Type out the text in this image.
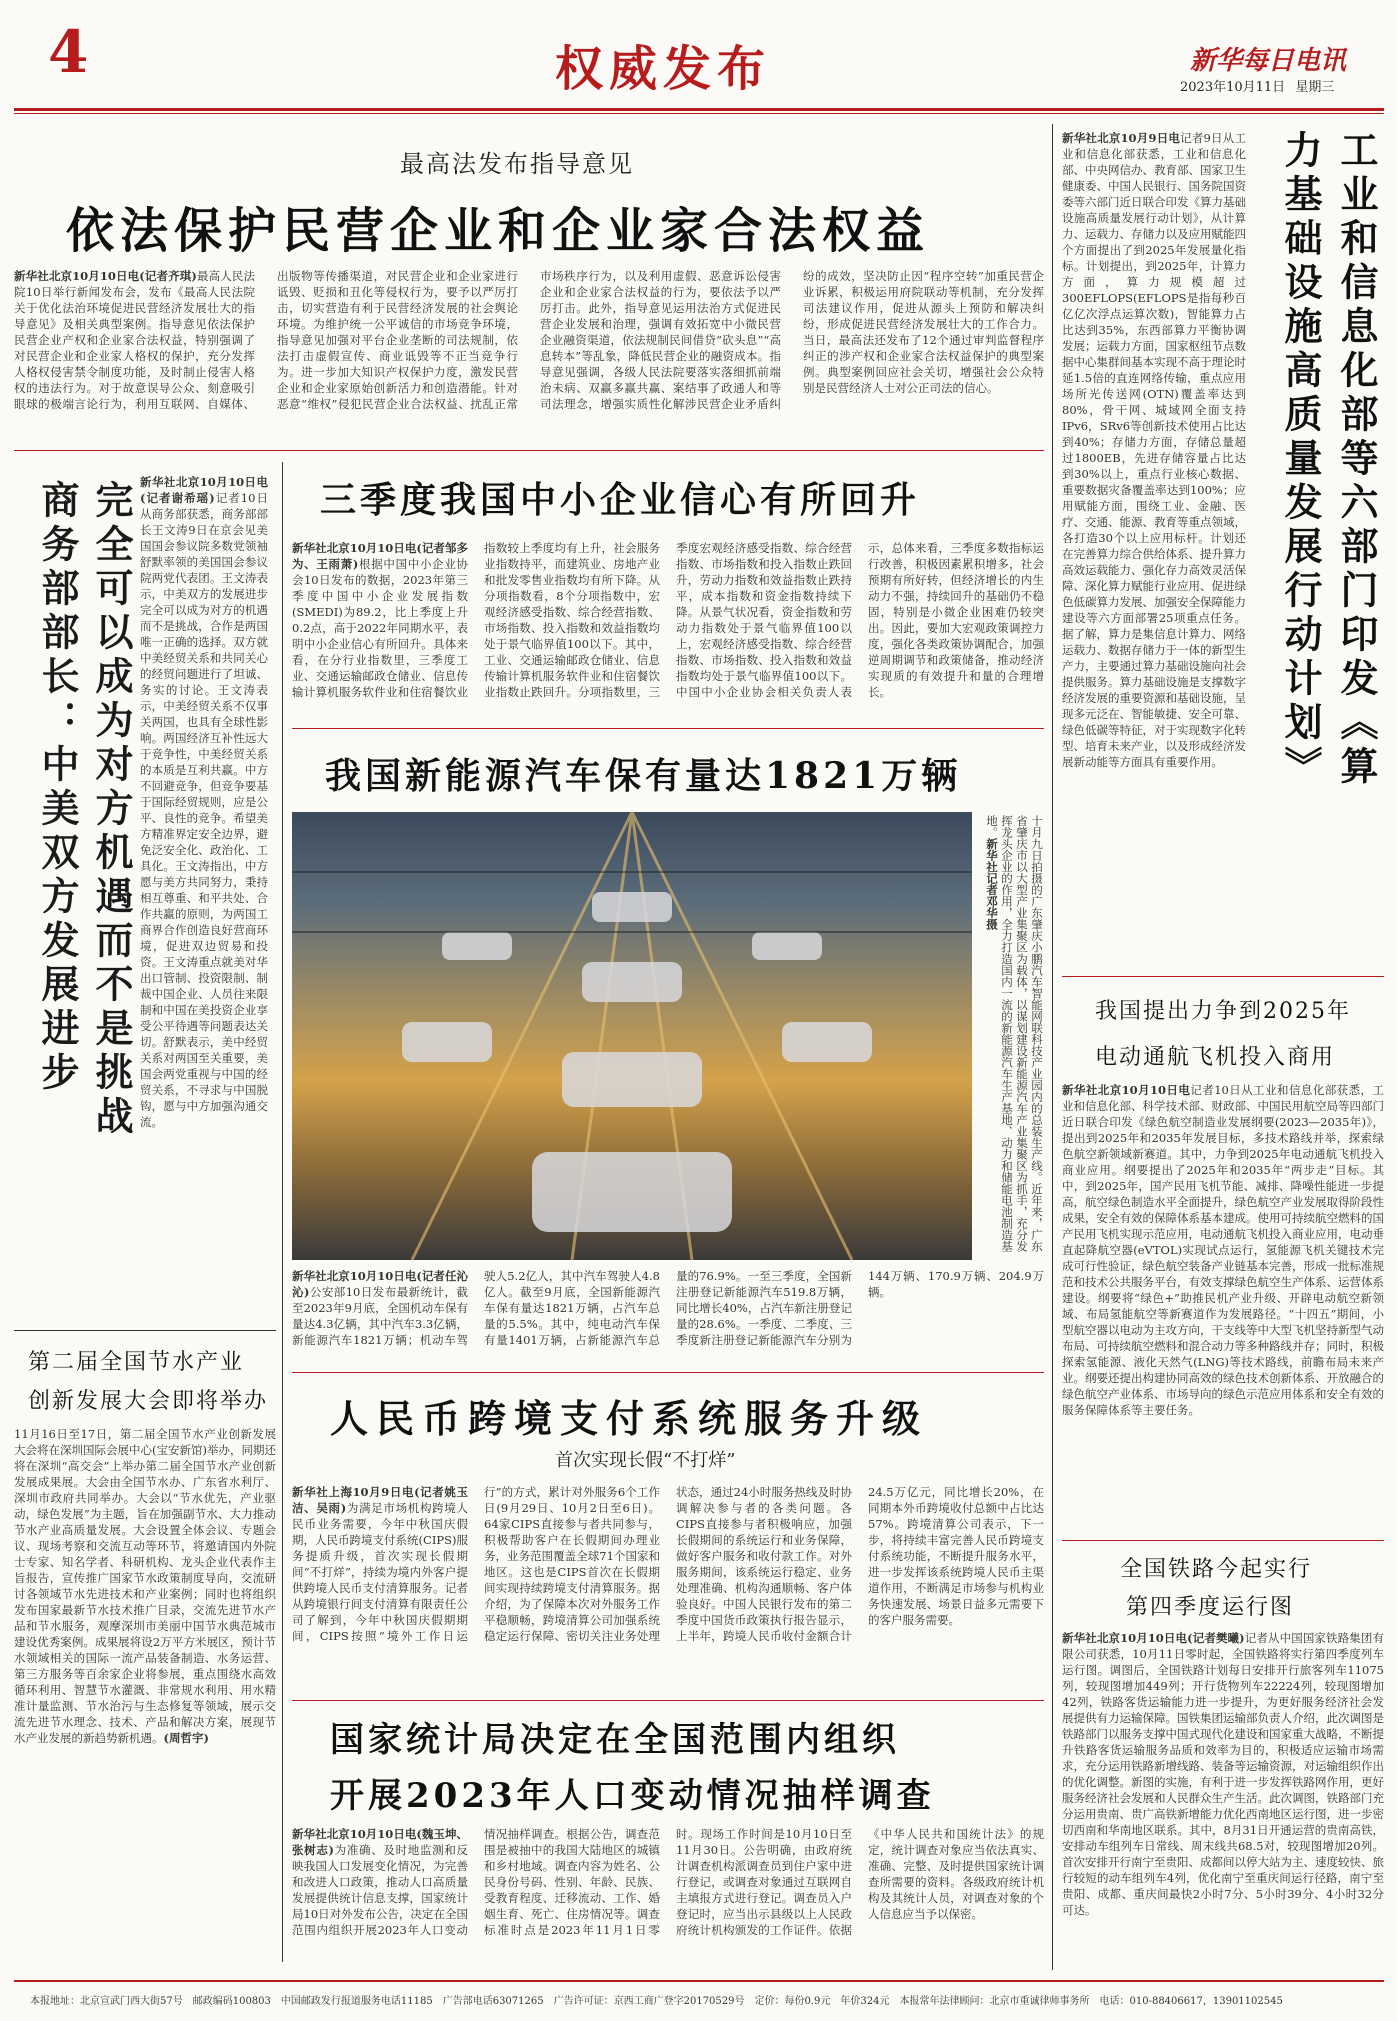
4	权威发布	新华每日电讯
2023年10月11日 星期三
最高法发布指导意见
依法保护民营企业和企业家合法权益
新华社北京10月10日电(记者齐琪)最高人民法院10日举行新闻发布会，发布《最高人民法院关于优化法治环境促进民营经济发展壮大的指导意见》及相关典型案例。指导意见依法保护民营企业产权和企业家合法权益，特别强调了对民营企业和企业家人格权的保护，充分发挥人格权侵害禁令制度功能，及时制止侵害人格权的违法行为。对于故意误导公众、刻意吸引眼球的极端言论行为，利用互联网、自媒体、出版物等传播渠道，对民营企业和企业家进行诋毁、贬损和丑化等侵权行为，要予以严厉打击，切实营造有利于民营经济发展的社会舆论环境。为维护统一公平诚信的市场竞争环境，指导意见加强对平台企业垄断的司法规制，依法打击虚假宣传、商业诋毁等不正当竞争行为。进一步加大知识产权保护力度，激发民营企业和企业家原始创新活力和创造潜能。针对恶意“维权”侵犯民营企业合法权益、扰乱正常市场秩序行为，以及利用虚假、恶意诉讼侵害企业和企业家合法权益的行为，要依法予以严厉打击。此外，指导意见运用法治方式促进民营企业发展和治理，强调有效拓宽中小微民营企业融资渠道，依法规制民间借贷“砍头息”“高息转本”等乱象，降低民营企业的融资成本。指导意见强调，各级人民法院要落实落细抓前端治未病、双赢多赢共赢、案结事了政通人和等司法理念，增强实质性化解涉民营企业矛盾纠纷的成效，坚决防止因“程序空转”加重民营企业诉累，积极运用府院联动等机制，充分发挥司法建议作用，促进从源头上预防和解决纠纷，形成促进民营经济发展壮大的工作合力。当日，最高法还发布了12个通过审判监督程序纠正的涉产权和企业家合法权益保护的典型案例。典型案例回应社会关切，增强社会公众特别是民营经济人士对公正司法的信心。
商务部部长：中美双方发展进步 完全可以成为对方机遇而不是挑战 新华社北京10月10日电(记者谢希瑶)记者10日从商务部获悉，商务部部长王文涛9日在京会见美国国会参议院多数党领袖舒默率领的美国国会参议院两党代表团。王文涛表示，中美双方的发展进步完全可以成为对方的机遇而不是挑战，合作是两国唯一正确的选择。双方就中美经贸关系和共同关心的经贸问题进行了坦诚、务实的讨论。王文涛表示，中美经贸关系不仅事关两国，也具有全球性影响。两国经济互补性远大于竞争性，中美经贸关系的本质是互利共赢。中方不回避竞争，但竞争要基于国际经贸规则，应是公平、良性的竞争。希望美方精准界定安全边界，避免泛安全化、政治化、工具化。王文涛指出，中方愿与美方共同努力，秉持相互尊重、和平共处、合作共赢的原则，为两国工商界合作创造良好营商环境，促进双边贸易和投资。王文涛重点就美对华出口管制、投资限制、制裁中国企业、人员往来限制和中国在美投资企业享受公平待遇等问题表达关切。舒默表示，美中经贸关系对两国至关重要，美国会两党重视与中国的经贸关系，不寻求与中国脱钩，愿与中方加强沟通交流。
第二届全国节水产业
创新发展大会即将举办
11月16日至17日，第二届全国节水产业创新发展大会将在深圳国际会展中心(宝安新馆)举办，同期还将在深圳“高交会”上举办第二届全国节水产业创新发展成果展。大会由全国节水办、广东省水利厅、深圳市政府共同举办。大会以“节水优先，产业驱动，绿色发展”为主题，旨在加强副节水、大力推动节水产业高质量发展。大会设置全体会议、专题会议、现场考察和交流互动等环节，将邀请国内外院士专家、知名学者、科研机构、龙头企业代表作主旨报告，宣传推广国家节水政策制度导向，交流研讨各领域节水先进技术和产业案例；同时也将组织发布国家最新节水技术推广目录，交流先进节水产品和节水服务，观摩深圳市美丽中国节水典范城市建设优秀案例。成果展将设2万平方米展区，预计节水领域相关的国际一流产品装备制造、水务运营、第三方服务等百余家企业将参展，重点围绕水高效循环利用、智慧节水灌溉、非常规水利用、用水精准计量监测、节水治污与生态修复等领域，展示交流先进节水理念、技术、产品和解决方案，展现节水产业发展的新趋势新机遇。(周哲宇)
三季度我国中小企业信心有所回升
新华社北京10月10日电(记者邹多为、王雨萧)根据中国中小企业协会10日发布的数据，2023年第三季度中国中小企业发展指数(SMEDI)为89.2，比上季度上升0.2点，高于2022年同期水平，表明中小企业信心有所回升。具体来看，在分行业指数里，三季度工业、交通运输邮政仓储业、信息传输计算机服务软件业和住宿餐饮业指数较上季度均有上升，社会服务业指数持平，而建筑业、房地产业和批发零售业指数均有所下降。从分项指数看，8个分项指数中，宏观经济感受指数、综合经营指数、市场指数、投入指数和效益指数均处于景气临界值100以下。其中，工业、交通运输邮政仓储业、信息传输计算机服务软件业和住宿餐饮业指数止跌回升。分项指数里，三季度宏观经济感受指数、综合经营指数、市场指数和投入指数止跌回升，劳动力指数和效益指数止跌持平，成本指数和资金指数持续下降。从景气状况看，资金指数和劳动力指数处于景气临界值100以上，宏观经济感受指数、综合经营指数、市场指数、投入指数和效益指数均处于景气临界值100以下。中国中小企业协会相关负责人表示，总体来看，三季度多数指标运行改善，积极因素累积增多，社会预期有所好转，但经济增长的内生动力不强，持续回升的基础仍不稳固，特别是小微企业困难仍较突出。因此，要加大宏观政策调控力度，强化各类政策协调配合，加强逆周期调节和政策储备，推动经济实现质的有效提升和量的合理增长。
我国新能源汽车保有量达1821万辆
十月九日拍摄的广东肇庆小鹏汽车智能网联科技产业园内的总装生产线。近年来，广东省肇庆市以大型产业集聚区为载体，以谋划建设新能源汽车产业集聚区为抓手，充分发挥龙头企业的作用，全力打造国内一流的新能源汽车生产基地、动力和储能电池制造基地。新华社记者邓华摄
新华社北京10月10日电(记者任沁沁)公安部10日发布最新统计，截至2023年9月底，全国机动车保有量达4.3亿辆，其中汽车3.3亿辆，新能源汽车1821万辆；机动车驾驶人5.2亿人，其中汽车驾驶人4.8亿人。截至9月底，全国新能源汽车保有量达1821万辆，占汽车总量的5.5%。其中，纯电动汽车保有量1401万辆，占新能源汽车总量的76.9%。一至三季度，全国新注册登记新能源汽车519.8万辆，同比增长40%，占汽车新注册登记量的28.6%。一季度、二季度、三季度新注册登记新能源汽车分别为144万辆、170.9万辆、204.9万辆。
人民币跨境支付系统服务升级
首次实现长假“不打烊”
新华社上海10月9日电(记者姚玉洁、吴雨)为满足市场机构跨境人民币业务需要，今年中秋国庆假期，人民币跨境支付系统(CIPS)服务提质升级，首次实现长假期间“不打烊”，持续为境内外客户提供跨境人民币支付清算服务。记者从跨境银行间支付清算有限责任公司了解到，今年中秋国庆假期期间，CIPS按照“境外工作日运行”的方式，累计对外服务6个工作日(9月29日、10月2日至6日)。64家CIPS直接参与者共同参与，积极帮助客户在长假期间办理业务，业务范围覆盖全球71个国家和地区。这也是CIPS首次在长假期间实现持续跨境支付清算服务。据介绍，为了保障本次对外服务工作平稳顺畅，跨境清算公司加强系统稳定运行保障、密切关注业务处理状态，通过24小时服务热线及时协调解决参与者的各类问题。各CIPS直接参与者积极响应，加强长假期间的系统运行和业务保障，做好客户服务和收付款工作。对外服务期间，该系统运行稳定、业务处理准确、机构沟通顺畅、客户体验良好。中国人民银行发布的第二季度中国货币政策执行报告显示，上半年，跨境人民币收付金额合计24.5万亿元，同比增长20%，在同期本外币跨境收付总额中占比达57%。跨境清算公司表示，下一步，将持续丰富完善人民币跨境支付系统功能，不断提升服务水平，进一步发挥该系统跨境人民币主渠道作用，不断满足市场参与机构业务快速发展、场景日益多元需要下的客户服务需要。
国家统计局决定在全国范围内组织
开展2023年人口变动情况抽样调查
新华社北京10月10日电(魏玉坤、张树志)为准确、及时地监测和反映我国人口发展变化情况，为完善和改进人口政策，推动人口高质量发展提供统计信息支撑，国家统计局10日对外发布公告，决定在全国范围内组织开展2023年人口变动情况抽样调查。根据公告，调查范围是被抽中的我国大陆地区的城镇和乡村地域。调查内容为姓名、公民身份号码、性别、年龄、民族、受教育程度、迁移流动、工作、婚姻生育、死亡、住房情况等。调查标准时点是2023年11月1日零时。现场工作时间是10月10日至11月30日。公告明确，由政府统计调查机构派调查员到住户家中进行登记，或调查对象通过互联网自主填报方式进行登记。调查员入户登记时，应当出示县级以上人民政府统计机构颁发的工作证件。依据《中华人民共和国统计法》的规定，统计调查对象应当依法真实、准确、完整、及时提供国家统计调查所需要的资料。各级政府统计机构及其统计人员，对调查对象的个人信息应当予以保密。
工业和信息化部等六部门印发《算力基础设施高质量发展行动计划》
新华社北京10月9日电记者9日从工业和信息化部获悉，工业和信息化部、中央网信办、教育部、国家卫生健康委、中国人民银行、国务院国资委等六部门近日联合印发《算力基础设施高质量发展行动计划》，从计算力、运载力、存储力以及应用赋能四个方面提出了到2025年发展量化指标。计划提出，到2025年，计算力方面，算力规模超过300EFLOPS(EFLOPS是指每秒百亿亿次浮点运算次数)，智能算力占比达到35%，东西部算力平衡协调发展；运载力方面，国家枢纽节点数据中心集群间基本实现不高于理论时延1.5倍的直连网络传输，重点应用场所光传送网(OTN)覆盖率达到80%，骨干网、城域网全面支持IPv6，SRv6等创新技术使用占比达到40%；存储力方面，存储总量超过1800EB，先进存储容量占比达到30%以上，重点行业核心数据、重要数据灾备覆盖率达到100%；应用赋能方面，围绕工业、金融、医疗、交通、能源、教育等重点领域，各打造30个以上应用标杆。计划还在完善算力综合供给体系、提升算力高效运载能力、强化存力高效灵活保障、深化算力赋能行业应用、促进绿色低碳算力发展、加强安全保障能力建设等六方面部署25项重点任务。据了解，算力是集信息计算力、网络运载力、数据存储力于一体的新型生产力，主要通过算力基础设施向社会提供服务。算力基础设施是支撑数字经济发展的重要资源和基础设施，呈现多元泛在、智能敏捷、安全可靠、绿色低碳等特征，对于实现数字化转型、培育未来产业，以及形成经济发展新动能等方面具有重要作用。
我国提出力争到2025年
电动通航飞机投入商用
新华社北京10月10日电记者10日从工业和信息化部获悉，工业和信息化部、科学技术部、财政部、中国民用航空局等四部门近日联合印发《绿色航空制造业发展纲要(2023—2035年)》，提出到2025年和2035年发展目标，多技术路线并举，探索绿色航空新领域新赛道。其中，力争到2025年电动通航飞机投入商业应用。纲要提出了2025年和2035年“两步走”目标。其中，到2025年，国产民用飞机节能、减排、降噪性能进一步提高，航空绿色制造水平全面提升，绿色航空产业发展取得阶段性成果，安全有效的保障体系基本建成。使用可持续航空燃料的国产民用飞机实现示范应用，电动通航飞机投入商业应用，电动垂直起降航空器(eVTOL)实现试点运行，氢能源飞机关键技术完成可行性验证，绿色航空装备产业链基本完善，形成一批标准规范和技术公共服务平台，有效支撑绿色航空生产体系、运营体系建设。纲要将“绿色+”助推民机产业升级、开辟电动航空新领域、布局氢能航空等新赛道作为发展路径。“十四五”期间，小型航空器以电动为主攻方向，干支线等中大型飞机坚持新型气动布局、可持续航空燃料和混合动力等多种路线并存；同时，积极探索氢能源、液化天然气(LNG)等技术路线，前瞻布局未来产业。纲要还提出构建协同高效的绿色技术创新体系、开放融合的绿色航空产业体系、市场导向的绿色示范应用体系和安全有效的服务保障体系等主要任务。
全国铁路今起实行
第四季度运行图
新华社北京10月10日电(记者樊曦)记者从中国国家铁路集团有限公司获悉，10月11日零时起，全国铁路将实行第四季度列车运行图。调图后，全国铁路计划每日安排开行旅客列车11075列，较现图增加449列；开行货物列车22224列，较现图增加42列，铁路客货运输能力进一步提升，为更好服务经济社会发展提供有力运输保障。国铁集团运输部负责人介绍，此次调图是铁路部门以服务支撑中国式现代化建设和国家重大战略，不断提升铁路客货运输服务品质和效率为目的，积极适应运输市场需求，充分运用铁路新增线路、装备等运输资源，对运输组织作出的优化调整。新图的实施，有利于进一步发挥铁路网作用，更好服务经济社会发展和人民群众生产生活。此次调图，铁路部门充分运用贵南、贵广高铁新增能力优化西南地区运行图，进一步密切西南和华南地区联系。其中，8月31日开通运营的贵南高铁，安排动车组列车日常线、周末线共68.5对，较现图增加20列。首次安排开行南宁至贵阳、成都间以停大站为主、速度较快、旅行较短的动车组列车4列，优化南宁至重庆间运行径路，南宁至贵阳、成都、重庆间最快2小时7分、5小时39分、4小时32分可达。
本报地址：北京宣武门西大街57号　邮政编码100803　中国邮政发行报道服务电话11185　广告部电话63071265　广告许可证：京西工商广登字20170529号　定价：每份0.9元　年价324元　本报常年法律顾问：北京市重诚律师事务所　电话：010-88406617，13901102545
